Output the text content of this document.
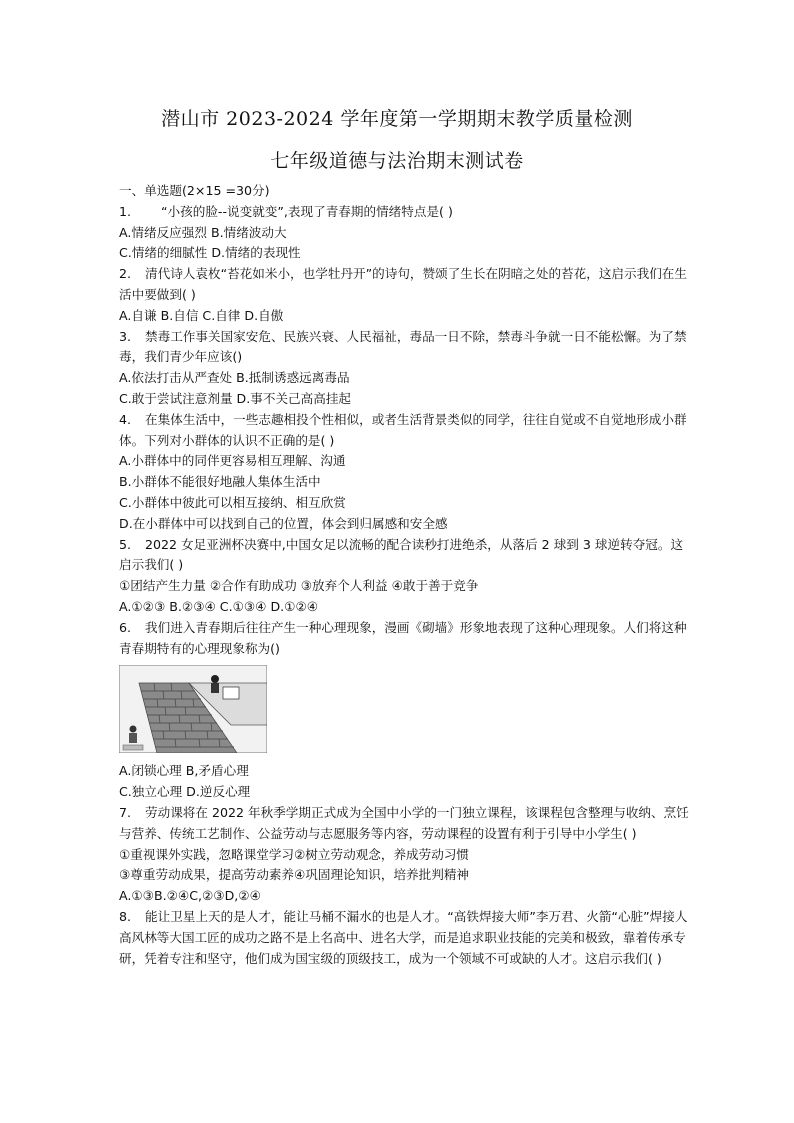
潜山市 2023-2024 学年度第一学期期末教学质量检测
七年级道德与法治期末测试卷
一、单选题(2×15 =30分)
1. “小孩的脸--说变就变”,表现了青春期的情绪特点是( )
A.情绪反应强烈 B.情绪波动大
C.情绪的细腻性 D.情绪的表现性
2. 清代诗人袁枚“苔花如米小，也学牡丹开”的诗句，赞颂了生长在阴暗之处的苔花，这启示我们在生活中要做到( )
A.自谦 B.自信 C.自律 D.自傲
3. 禁毒工作事关国家安危、民族兴衰、人民福祉，毒品一日不除，禁毒斗争就一日不能松懈。为了禁毒，我们青少年应该()
A.依法打击从严查处 B.抵制诱惑远离毒品
C.敢于尝试注意剂量 D.事不关己高高挂起
4. 在集体生活中，一些志趣相投个性相似，或者生活背景类似的同学，往往自觉或不自觉地形成小群体。下列对小群体的认识不正确的是( )
A.小群体中的同伴更容易相互理解、沟通
B.小群体不能很好地融人集体生活中
C.小群体中彼此可以相互接纳、相互欣赏
D.在小群体中可以找到自己的位置，体会到归属感和安全感
5. 2022 女足亚洲杯决赛中,中国女足以流畅的配合读秒打进绝杀，从落后 2 球到 3 球逆转夺冠。这启示我们( )
①团结产生力量 ②合作有助成功 ③放弃个人利益 ④敢于善于竞争
A.①②③ B.②③④ C.①③④ D.①②④
6. 我们进入青春期后往往产生一种心理现象，漫画《砌墙》形象地表现了这种心理现象。人们将这种青春期特有的心理现象称为()
A.闭锁心理 B,矛盾心理
C.独立心理 D.逆反心理
7. 劳动课将在 2022 年秋季学期正式成为全国中小学的一门独立课程，该课程包含整理与收纳、烹饪与营养、传统工艺制作、公益劳动与志愿服务等内容，劳动课程的设置有利于引导中小学生( )
①重视课外实践，忽略课堂学习②树立劳动观念，养成劳动习惯
③尊重劳动成果，提高劳动素养④巩固理论知识，培养批判精神
A.①③B.②④C,②③D,②④
8. 能让卫星上天的是人才，能让马桶不漏水的也是人才。“高铁焊接大师”李万君、火箭“心脏”焊接人高风林等大国工匠的成功之路不是上名高中、进名大学，而是追求职业技能的完美和极致，靠着传承专研，凭着专注和坚守，他们成为国宝级的顶级技工，成为一个领域不可或缺的人才。这启示我们( )
